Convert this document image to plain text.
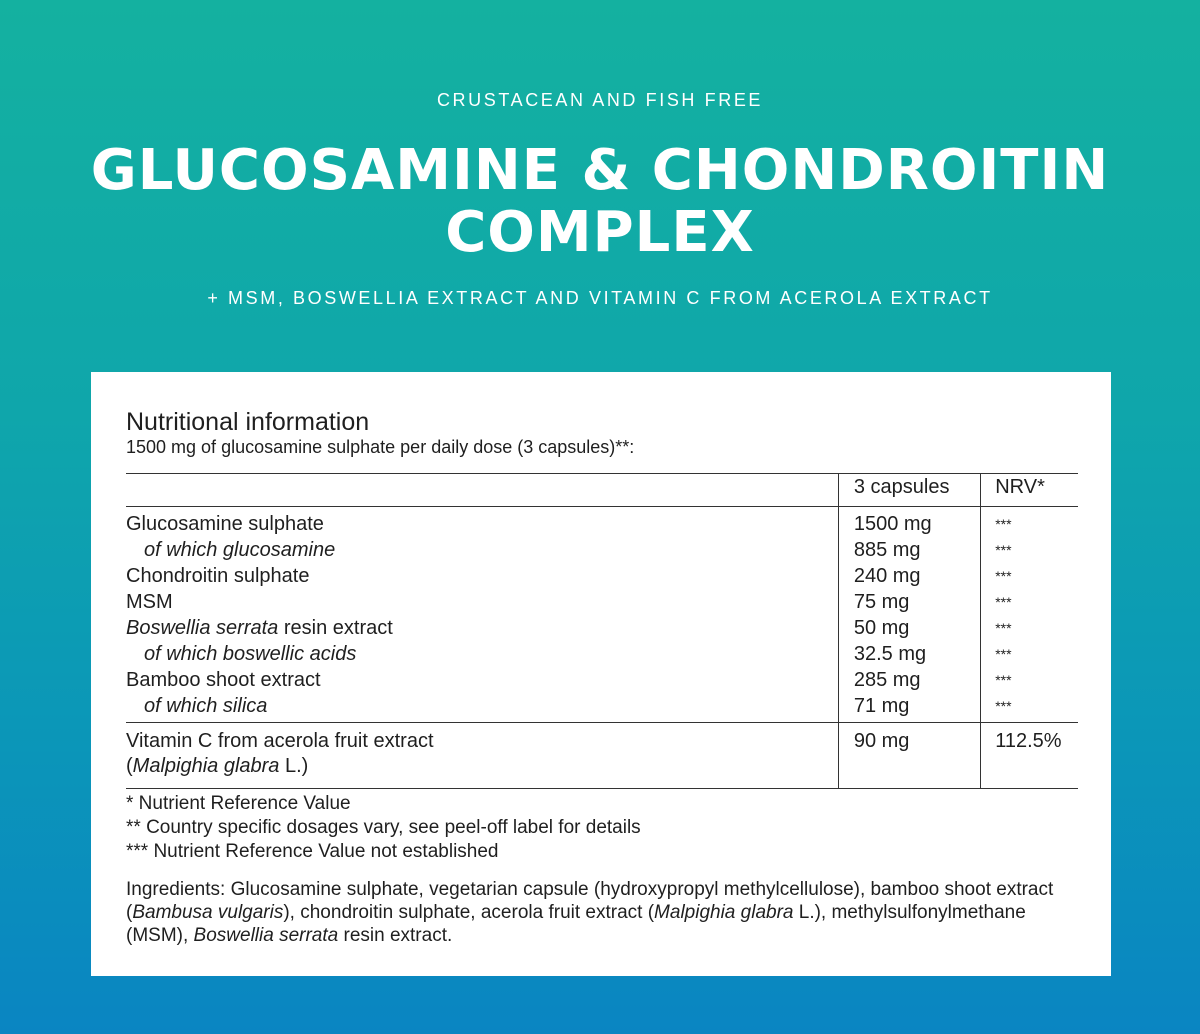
CRUSTACEAN AND FISH FREE
GLUCOSAMINE & CHONDROITIN
COMPLEX
+ MSM, BOSWELLIA EXTRACT AND VITAMIN C FROM ACEROLA EXTRACT
Nutritional information
1500 mg of glucosamine sulphate per daily dose (3 capsules)**:
	3 capsules	NRV*
Glucosamine sulphate	1500 mg	***
of which glucosamine	885 mg	***
Chondroitin sulphate	240 mg	***
MSM	75 mg	***
Boswellia serrata resin extract	50 mg	***
of which boswellic acids	32.5 mg	***
Bamboo shoot extract	285 mg	***
of which silica	71 mg	***

Vitamin C from acerola fruit extract
(Malpighia glabra L.)	90 mg	112.5%
* Nutrient Reference Value
** Country specific dosages vary, see peel-off label for details
*** Nutrient Reference Value not established
Ingredients: Glucosamine sulphate, vegetarian capsule (hydroxypropyl methylcellulose), bamboo shoot extract (Bambusa vulgaris), chondroitin sulphate, acerola fruit extract (Malpighia glabra L.), methylsulfonylmethane (MSM), Boswellia serrata resin extract.
